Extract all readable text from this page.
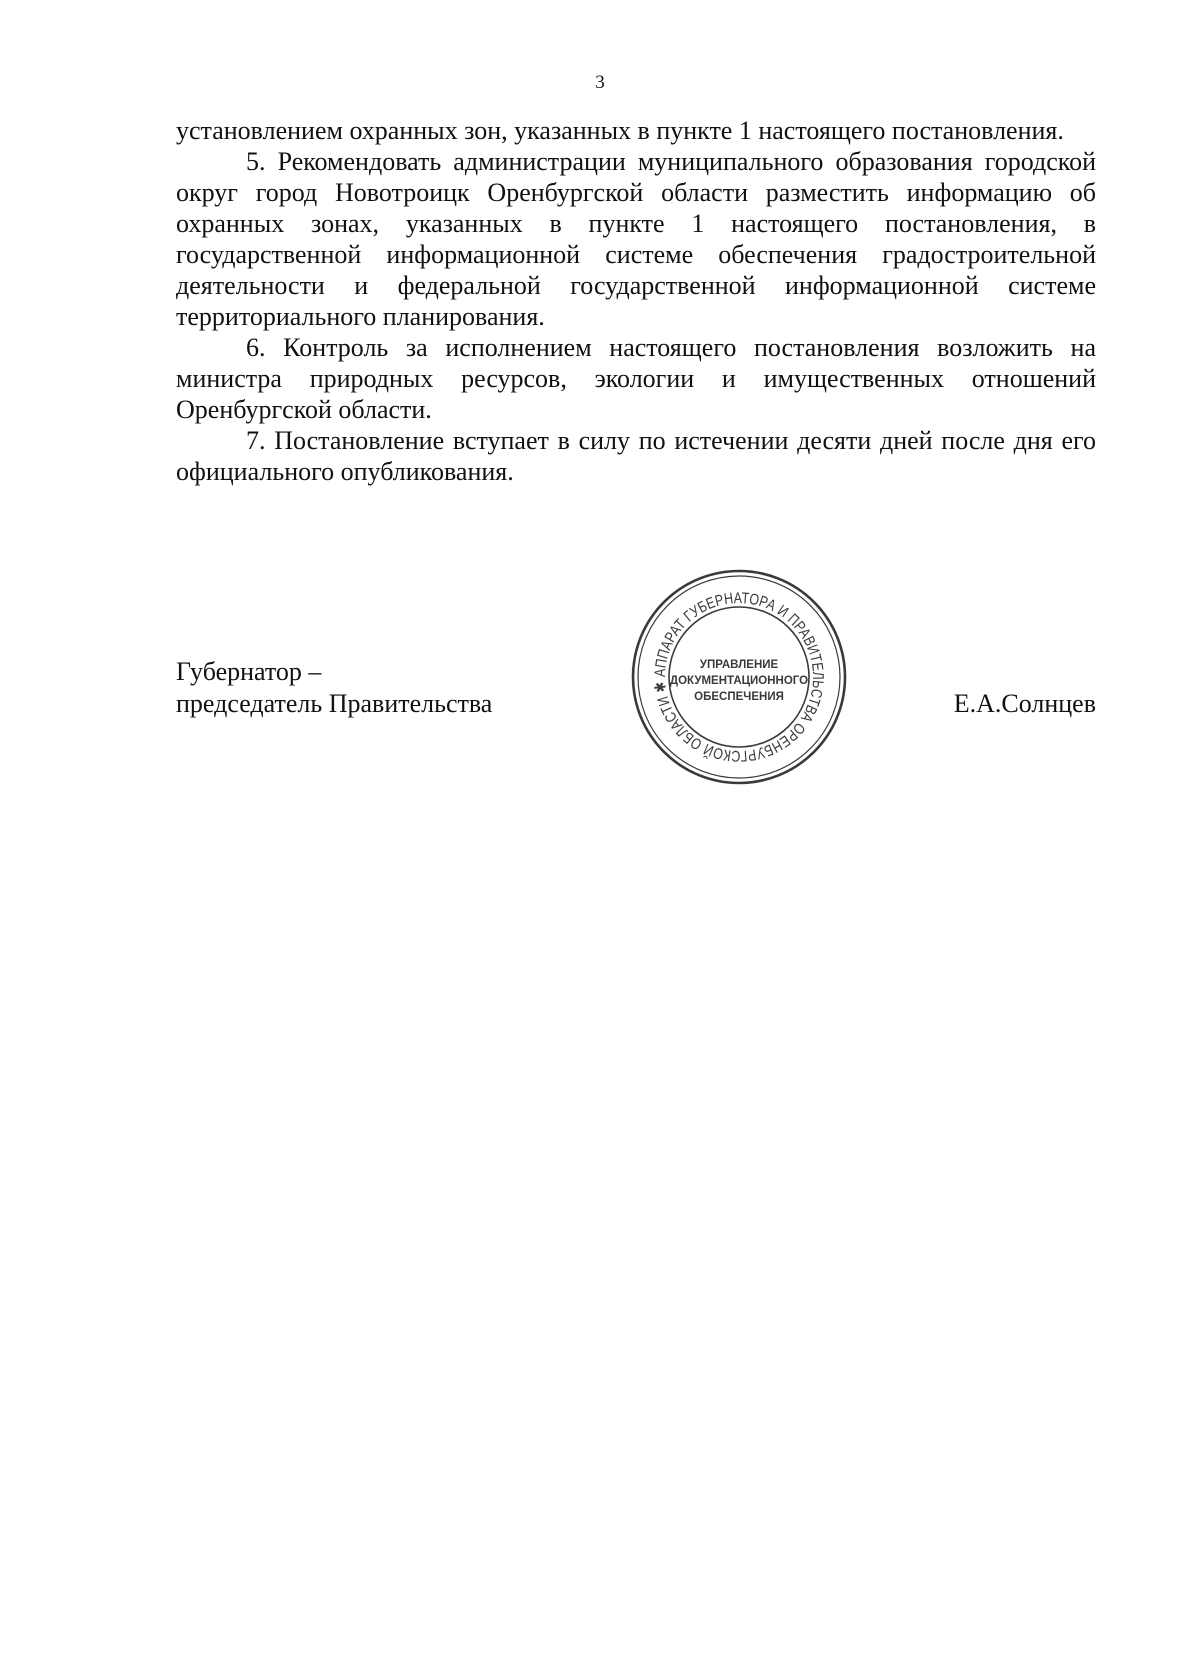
3

установлением охранных зон, указанных в пункте 1 настоящего постановления.

5. Рекомендовать администрации муниципального образования городской округ город Новотроицк Оренбургской области разместить информацию об охранных зонах, указанных в пункте 1 настоящего постановления, в государственной информационной системе обеспечения градостроительной деятельности и федеральной государственной информационной системе территориального планирования.

6. Контроль за исполнением настоящего постановления возложить на министра природных ресурсов, экологии и имущественных отношений Оренбургской области.

7. Постановление вступает в силу по истечении десяти дней после дня его официального опубликования.

Губернатор –
председатель Правительства
АППАРАТ ГУБЕРНАТОРА И ПРАВИТЕЛЬСТВА ОРЕНБУРГСКОЙ ОБЛАСТИ ✱
УПРАВЛЕНИЕ
ДОКУМЕНТАЦИОННОГО
ОБЕСПЕЧЕНИЯ	Е.А.Солнцев
